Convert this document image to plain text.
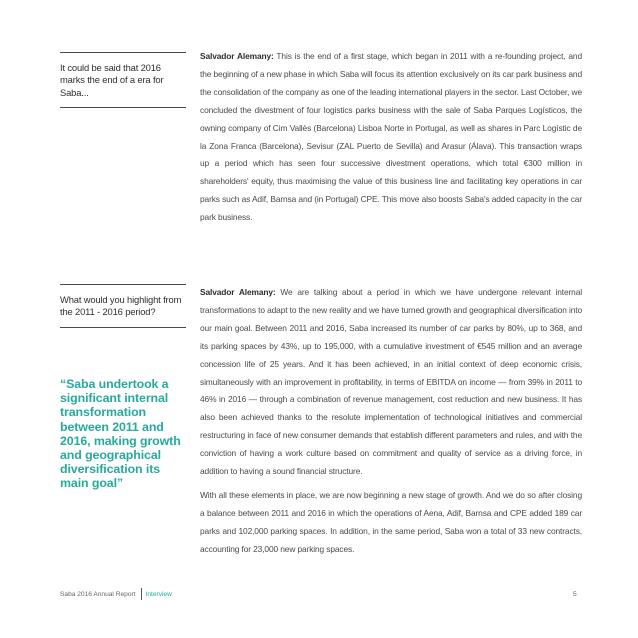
It could be said that 2016 marks the end of a era for Saba...

Salvador Alemany: This is the end of a first stage, which began in 2011 with a re-founding project, and the beginning of a new phase in which Saba will focus its attention exclusively on its car park business and the consolidation of the company as one of the leading international players in the sector. Last October, we concluded the divestment of four logistics parks business with the sale of Saba Parques Logísticos, the owning company of Cim Vallès (Barcelona) Lisboa Norte in Portugal, as well as shares in Parc Logístic de la Zona Franca (Barcelona), Sevisur (ZAL Puerto de Sevilla) and Arasur (Álava). This transaction wraps up a period which has seen four successive divestment operations, which total €300 million in shareholders' equity, thus maximising the value of this business line and facilitating key operations in car parks such as Adif, Barnsa and (in Portugal) CPE. This move also boosts Saba's added capacity in the car park business.

What would you highlight from the 2011 - 2016 period?
“Saba undertook a significant internal transformation between 2011 and 2016, making growth and geographical diversification its main goal”

Salvador Alemany: We are talking about a period in which we have undergone relevant internal transformations to adapt to the new reality and we have turned growth and geographical diversification into our main goal. Between 2011 and 2016, Saba increased its number of car parks by 80%, up to 368, and its parking spaces by 43%, up to 195,000, with a cumulative investment of €545 million and an average concession life of 25 years. And it has been achieved, in an initial context of deep economic crisis, simultaneously with an improvement in profitability, in terms of EBITDA on income — from 39% in 2011 to 46% in 2016 — through a combination of revenue management, cost reduction and new business. It has also been achieved thanks to the resolute implementation of technological initiatives and commercial restructuring in face of new consumer demands that establish different parameters and rules, and with the conviction of having a work culture based on commitment and quality of service as a driving force, in addition to having a sound financial structure.

With all these elements in place, we are now beginning a new stage of growth. And we do so after closing a balance between 2011 and 2016 in which the operations of Aena, Adif, Barnsa and CPE added 189 car parks and 102,000 parking spaces. In addition, in the same period, Saba won a total of 33 new contracts, accounting for 23,000 new parking spaces.

Saba 2016 Annual Report Interview	5
